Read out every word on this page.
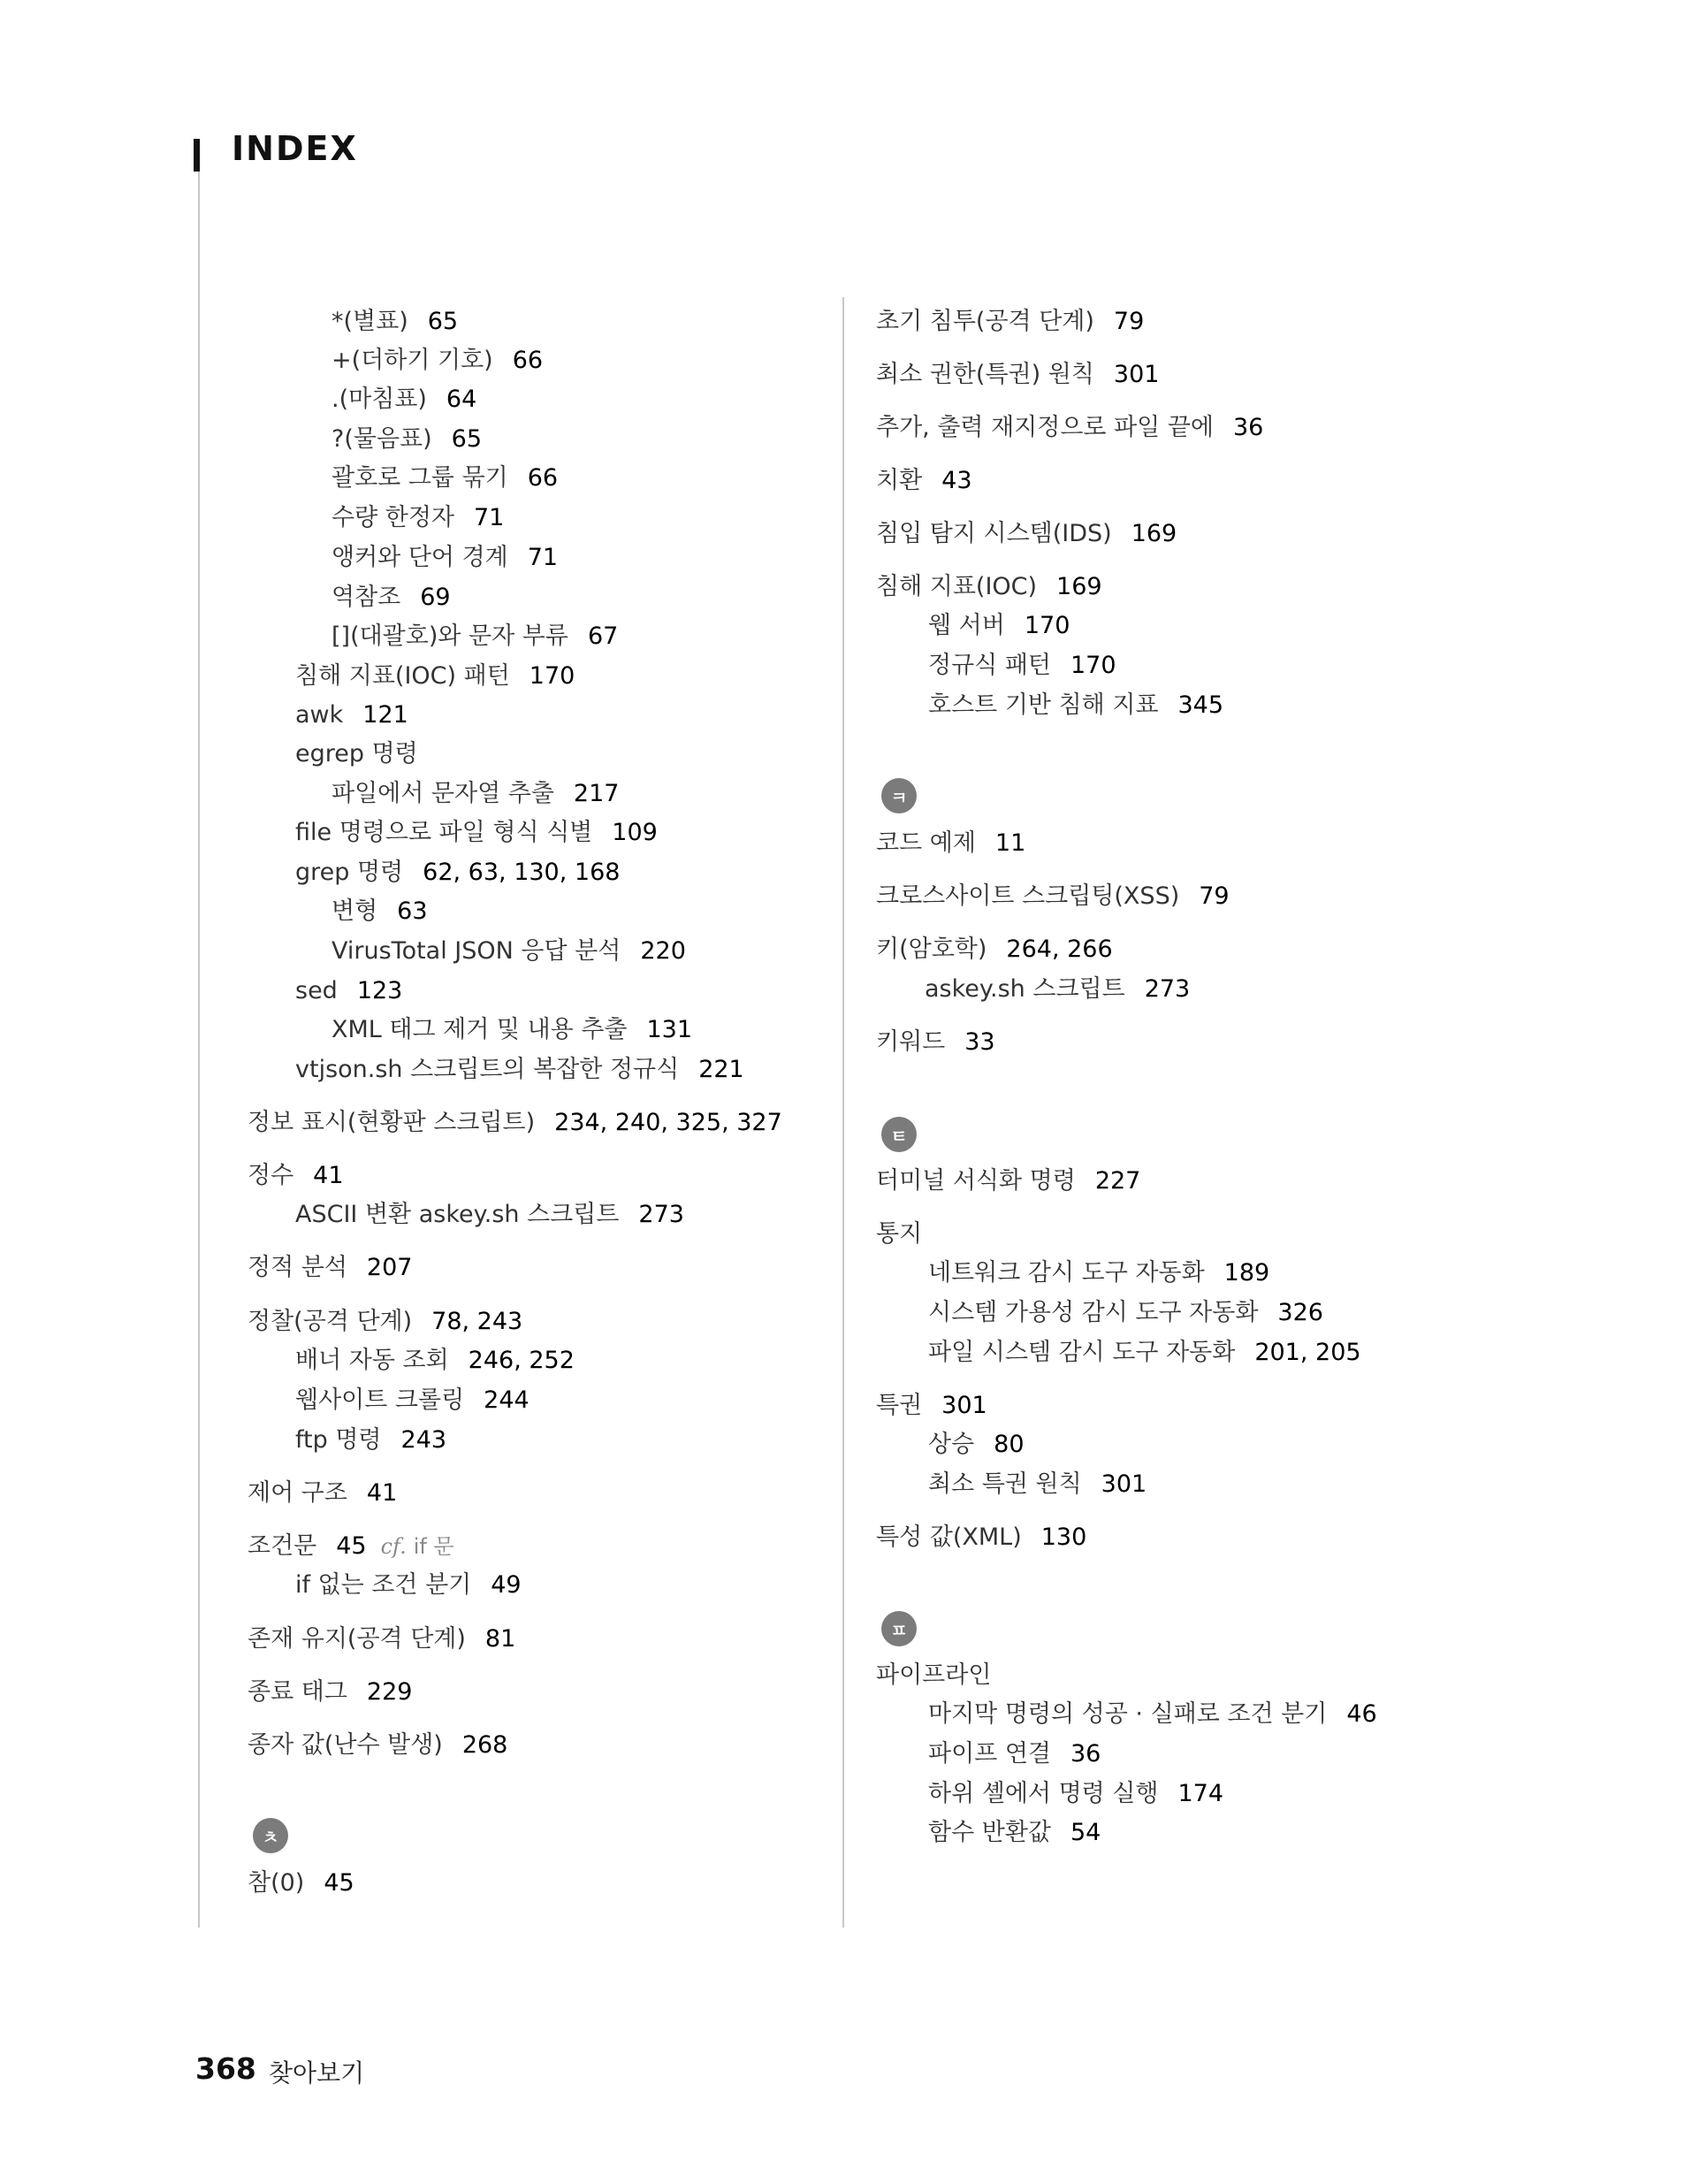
INDEX
*(별표) 65
+(더하기 기호) 66
.(마침표) 64
?(물음표) 65
괄호로 그룹 묶기 66
수량 한정자 71
앵커와 단어 경계 71
역참조 69
[](대괄호)와 문자 부류 67
침해 지표(IOC) 패턴 170
awk 121
egrep 명령
파일에서 문자열 추출 217
file 명령으로 파일 형식 식별 109
grep 명령 62, 63, 130, 168
변형 63
VirusTotal JSON 응답 분석 220
sed 123
XML 태그 제거 및 내용 추출 131
vtjson.sh 스크립트의 복잡한 정규식 221
정보 표시(현황판 스크립트) 234, 240, 325, 327
정수 41
ASCII 변환 askey.sh 스크립트 273
정적 분석 207
정찰(공격 단계) 78, 243
배너 자동 조회 246, 252
웹사이트 크롤링 244
ftp 명령 243
제어 구조 41
조건문 45 cf. if 문
if 없는 조건 분기 49
존재 유지(공격 단계) 81
종료 태그 229
종자 값(난수 발생) 268
ㅊ
참(0) 45
초기 침투(공격 단계) 79
최소 권한(특권) 원칙 301
추가, 출력 재지정으로 파일 끝에 36
치환 43
침입 탐지 시스템(IDS) 169
침해 지표(IOC) 169
웹 서버 170
정규식 패턴 170
호스트 기반 침해 지표 345
ㅋ
코드 예제 11
크로스사이트 스크립팅(XSS) 79
키(암호학) 264, 266
askey.sh 스크립트 273
키워드 33
ㅌ
터미널 서식화 명령 227
통지
네트워크 감시 도구 자동화 189
시스템 가용성 감시 도구 자동화 326
파일 시스템 감시 도구 자동화 201, 205
특권 301
상승 80
최소 특권 원칙 301
특성 값(XML) 130
ㅍ
파이프라인
마지막 명령의 성공 · 실패로 조건 분기 46
파이프 연결 36
하위 셸에서 명령 실행 174
함수 반환값 54
368 찾아보기
